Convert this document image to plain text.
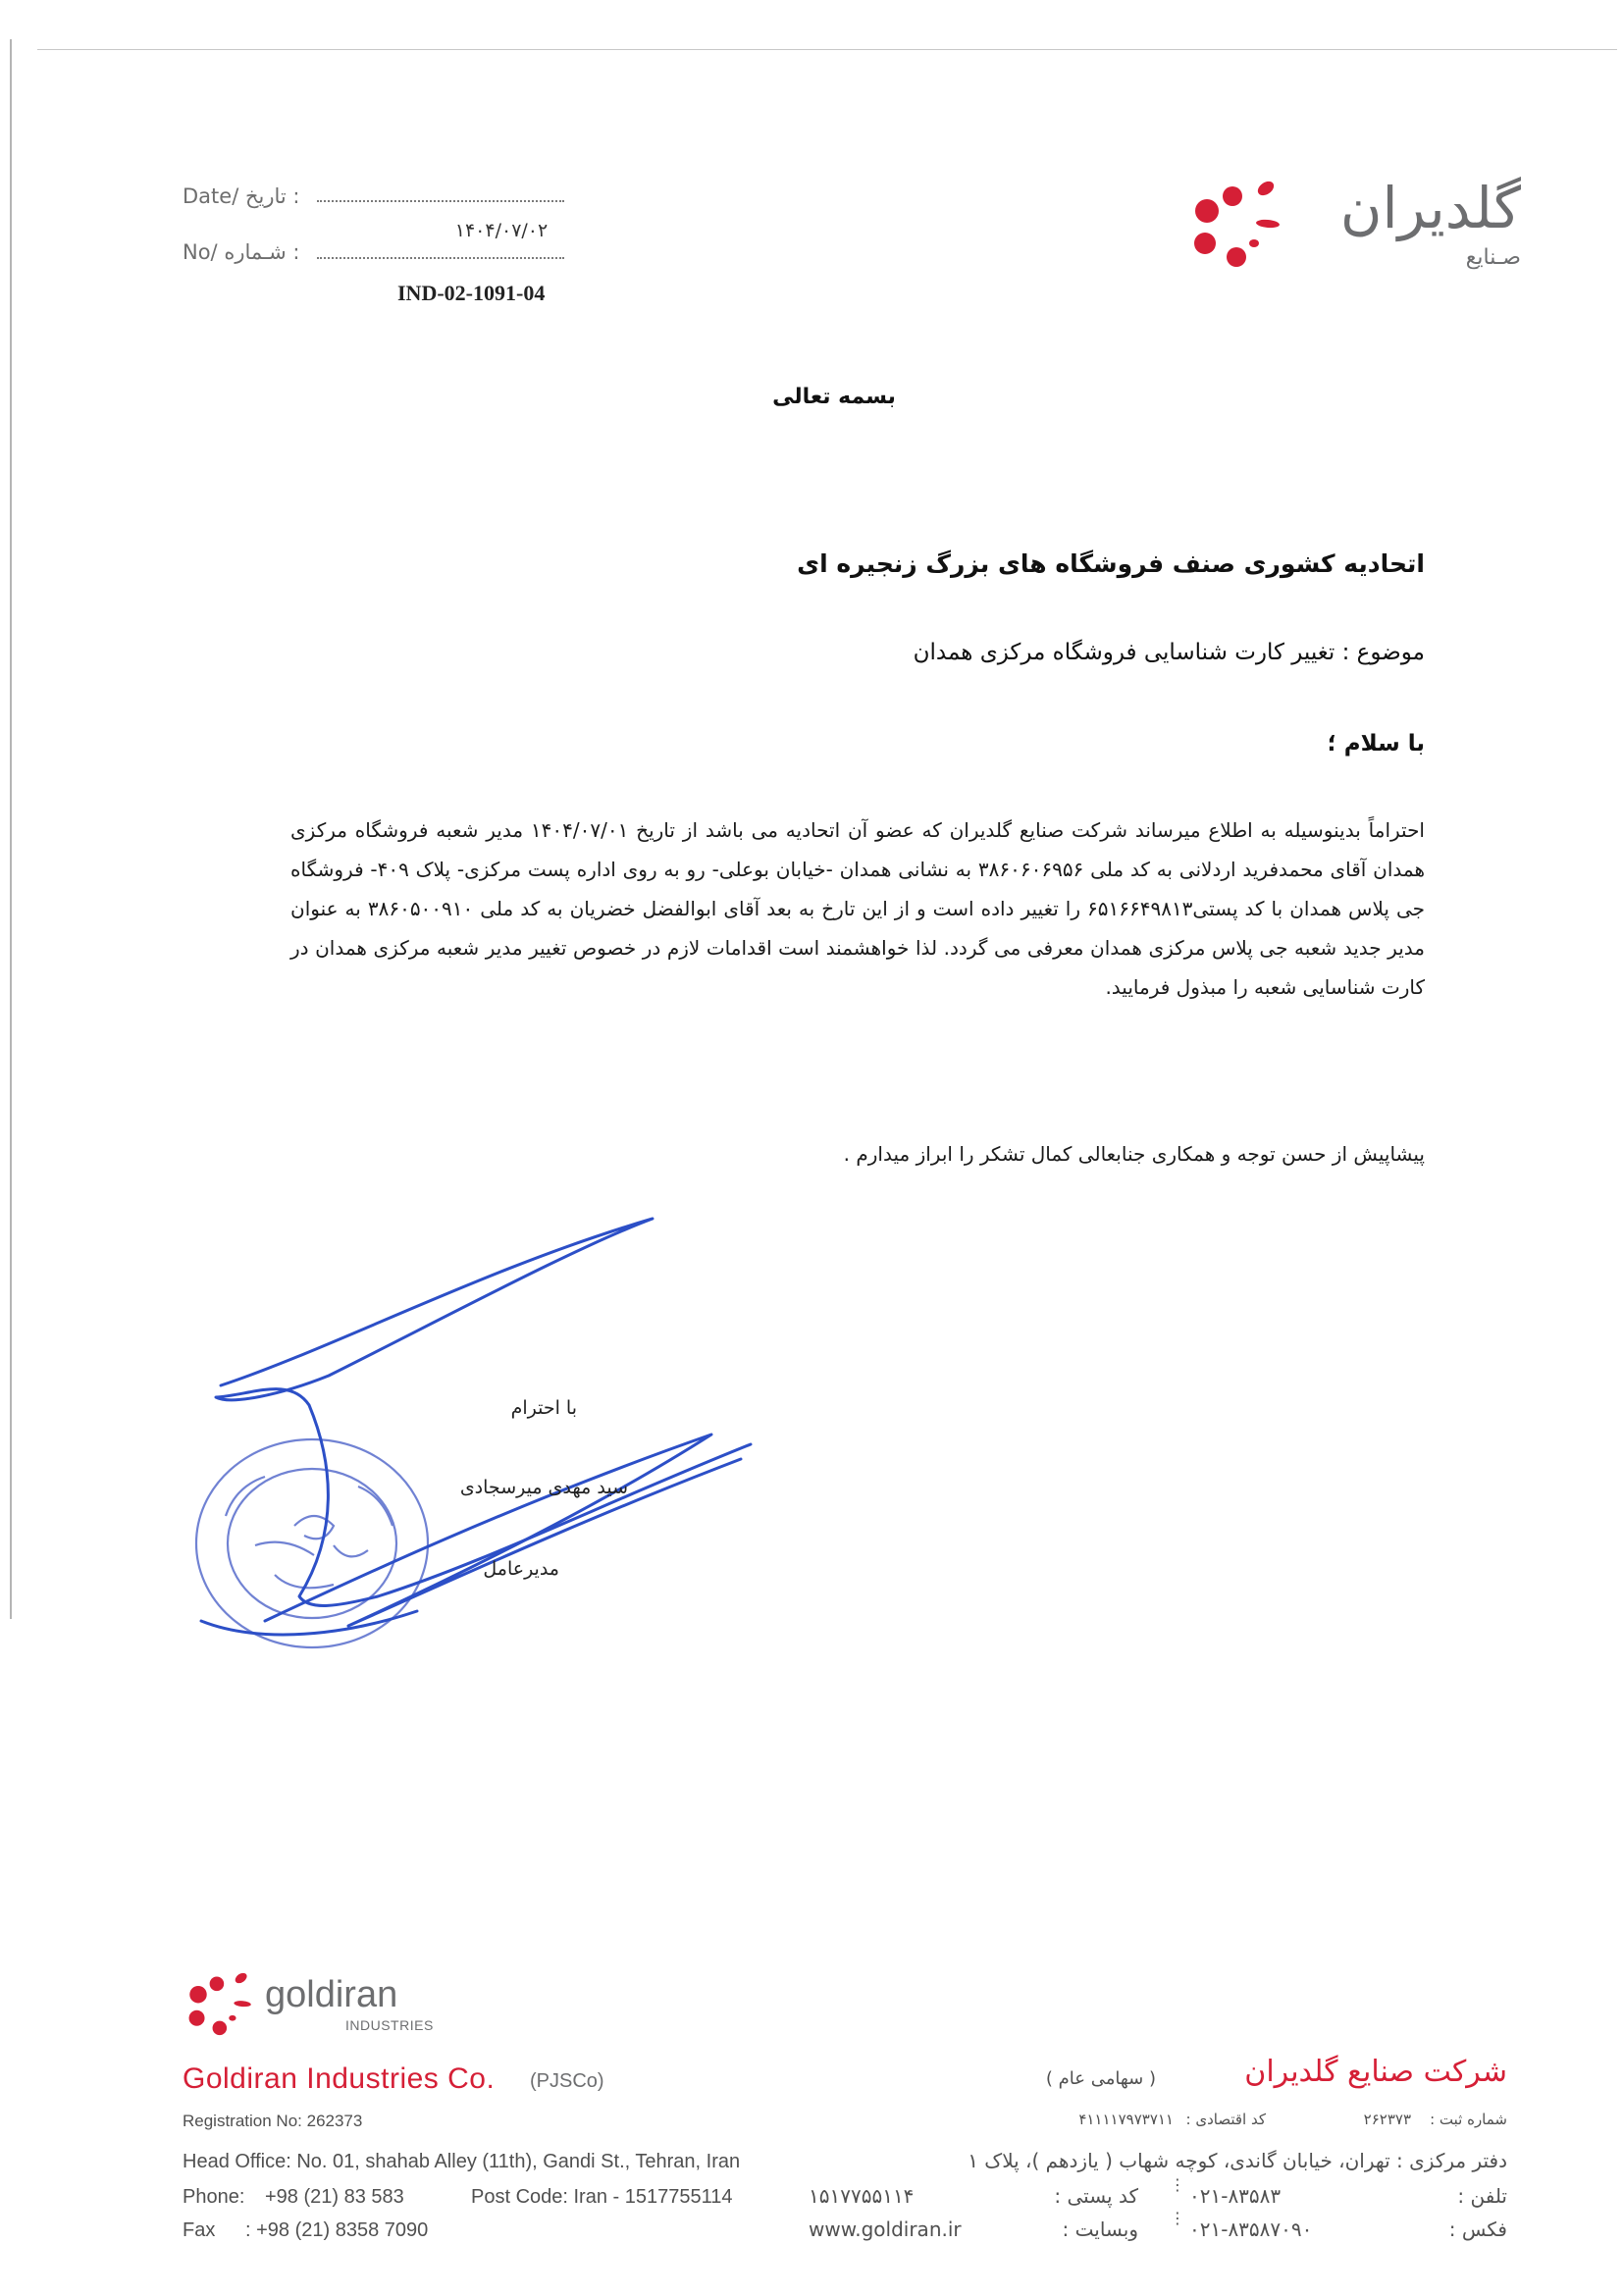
Date/ تاریخ :
۱۴۰۴/۰۷/۰۲
No/ شـماره :
IND-02-1091-04
گلدیران
صـنایع
بسمه تعالی
اتحادیه کشوری صنف فروشگاه های بزرگ زنجیره ای
موضوع : تغییر کارت شناسایی فروشگاه مرکزی همدان
با سلام ؛
احتراماً بدینوسیله به اطلاع میرساند شرکت صنایع گلدیران که عضو آن اتحادیه می باشد از تاریخ ۱۴۰۴/۰۷/۰۱ مدیر شعبه فروشگاه مرکزی همدان آقای محمدفرید اردلانی به کد ملی ۳۸۶۰۶۰۶۹۵۶ به نشانی همدان -خیابان بوعلی- رو به روی اداره پست مرکزی- پلاک ۴۰۹- فروشگاه جی پلاس همدان با کد پستی۶۵۱۶۶۴۹۸۱۳ را تغییر داده است و از این تارخ به بعد آقای ابوالفضل خضریان به کد ملی ۳۸۶۰۵۰۰۹۱۰ به عنوان مدیر جدید شعبه جی پلاس مرکزی همدان معرفی می گردد. لذا خواهشمند است اقدامات لازم در خصوص تغییر مدیر شعبه مرکزی همدان در کارت شناسایی شعبه را مبذول فرمایید.
پیشاپیش از حسن توجه و همکاری جنابعالی کمال تشکر را ابراز میدارم .
با احترام
سید مهدی میرسجادی
مدیرعامل
goldiran
INDUSTRIES
Goldiran Industries Co. (PJSCo)
Registration No: 262373
Head Office: No. 01, shahab Alley (11th), Gandi St., Tehran, Iran
Phone: +98 (21) 83 583	Post Code: Iran - 1517755114
Fax : +98 (21) 8358 7090
شرکت صنایع گلدیران
( سهامی عام )
شماره ثبت :
۲۶۲۳۷۳
کد اقتصادی :
۴۱۱۱۱۷۹۷۳۷۱۱
دفتر مرکزی : تهران، خیابان گاندی، کوچه شهاب ( یازدهم )، پلاک ۱
تلفن :
۰۲۱-۸۳۵۸۳
⋮
کد پستی :
۱۵۱۷۷۵۵۱۱۴
فکس :
۰۲۱-۸۳۵۸۷۰۹۰
⋮
وبسایت :
www.goldiran.ir
